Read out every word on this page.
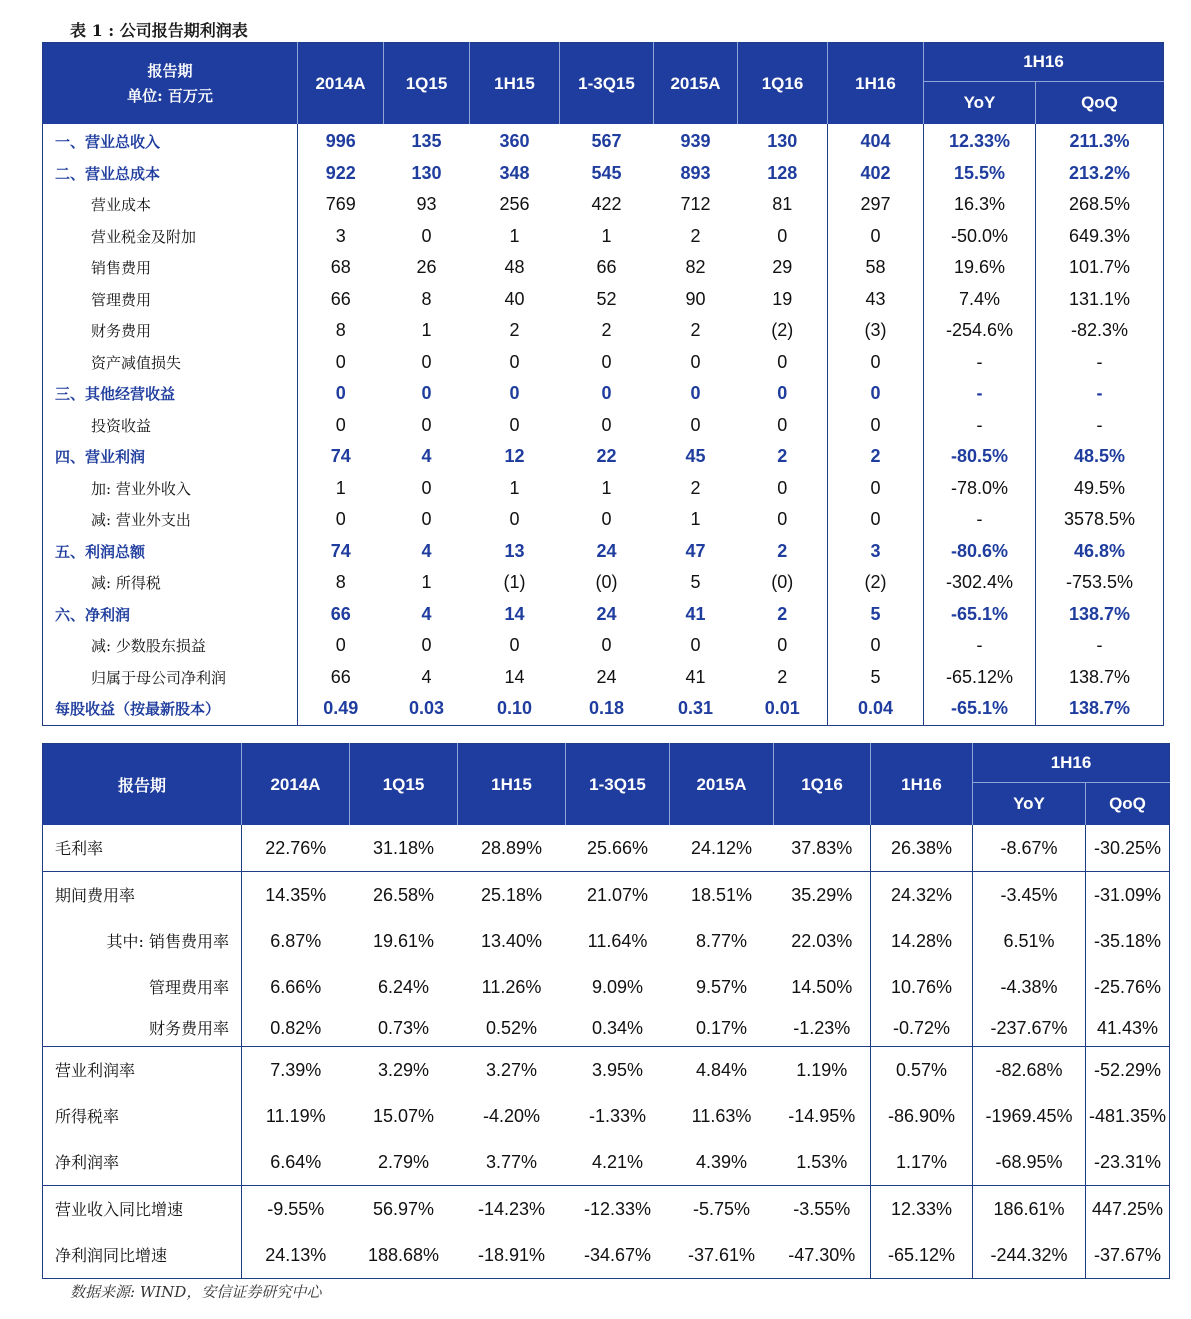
表 1 : 公司报告期利润表
报告期
单位: 百万元	2014A	1Q15	1H15	1-3Q15	2015A	1Q16	1H16	1H16	
								YoY	QoQ
一、营业总收入	996	135	360	567	939	130	404	12.33%	211.3%
二、营业总成本	922	130	348	545	893	128	402	15.5%	213.2%
营业成本	769	93	256	422	712	81	297	16.3%	268.5%
营业税金及附加	3	0	1	1	2	0	0	-50.0%	649.3%
销售费用	68	26	48	66	82	29	58	19.6%	101.7%
管理费用	66	8	40	52	90	19	43	7.4%	131.1%
财务费用	8	1	2	2	2	(2)	(3)	-254.6%	-82.3%
资产减值损失	0	0	0	0	0	0	0	-	-
三、其他经营收益	0	0	0	0	0	0	0	-	-
投资收益	0	0	0	0	0	0	0	-	-
四、营业利润	74	4	12	22	45	2	2	-80.5%	48.5%
加: 营业外收入	1	0	1	1	2	0	0	-78.0%	49.5%
减: 营业外支出	0	0	0	0	1	0	0	-	3578.5%
五、利润总额	74	4	13	24	47	2	3	-80.6%	46.8%
减: 所得税	8	1	(1)	(0)	5	(0)	(2)	-302.4%	-753.5%
六、净利润	66	4	14	24	41	2	5	-65.1%	138.7%
减: 少数股东损益	0	0	0	0	0	0	0	-	-
归属于母公司净利润	66	4	14	24	41	2	5	-65.12%	138.7%
每股收益（按最新股本）	0.49	0.03	0.10	0.18	0.31	0.01	0.04	-65.1%	138.7%
报告期	2014A	1Q15	1H15	1-3Q15	2015A	1Q16	1H16	1H16	
								YoY	QoQ
毛利率	22.76%	31.18%	28.89%	25.66%	24.12%	37.83%	26.38%	-8.67%	-30.25%
期间费用率	14.35%	26.58%	25.18%	21.07%	18.51%	35.29%	24.32%	-3.45%	-31.09%
其中: 销售费用率	6.87%	19.61%	13.40%	11.64%	8.77%	22.03%	14.28%	6.51%	-35.18%
管理费用率	6.66%	6.24%	11.26%	9.09%	9.57%	14.50%	10.76%	-4.38%	-25.76%
财务费用率	0.82%	0.73%	0.52%	0.34%	0.17%	-1.23%	-0.72%	-237.67%	41.43%
营业利润率	7.39%	3.29%	3.27%	3.95%	4.84%	1.19%	0.57%	-82.68%	-52.29%
所得税率	11.19%	15.07%	-4.20%	-1.33%	11.63%	-14.95%	-86.90%	-1969.45%	-481.35%
净利润率	6.64%	2.79%	3.77%	4.21%	4.39%	1.53%	1.17%	-68.95%	-23.31%
营业收入同比增速	-9.55%	56.97%	-14.23%	-12.33%	-5.75%	-3.55%	12.33%	186.61%	447.25%
净利润同比增速	24.13%	188.68%	-18.91%	-34.67%	-37.61%	-47.30%	-65.12%	-244.32%	-37.67%
数据来源: WIND，安信证券研究中心
